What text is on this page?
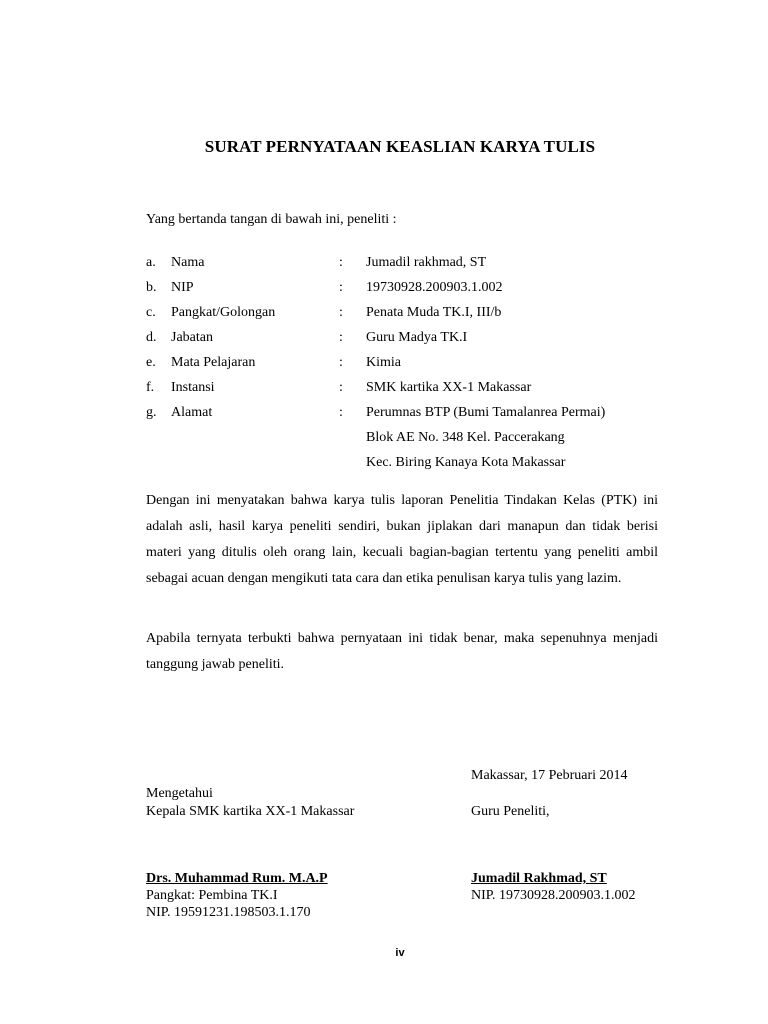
SURAT PERNYATAAN KEASLIAN KARYA TULIS
Yang bertanda tangan di bawah ini, peneliti :
a. Nama	: Jumadil rakhmad, ST
b. NIP	: 19730928.200903.1.002
c. Pangkat/Golongan	: Penata Muda TK.I, III/b
d. Jabatan	: Guru Madya TK.I
e. Mata Pelajaran	: Kimia
f. Instansi	: SMK kartika XX-1 Makassar
g. Alamat	: Perumnas BTP (Bumi Tamalanrea Permai)
Blok AE No. 348 Kel. Paccerakang
Kec. Biring Kanaya Kota Makassar

Dengan ini menyatakan bahwa karya tulis laporan Penelitia Tindakan Kelas (PTK) ini adalah asli, hasil karya peneliti sendiri, bukan jiplakan dari manapun dan tidak berisi materi yang ditulis oleh orang lain, kecuali bagian-bagian tertentu yang peneliti ambil sebagai acuan dengan mengikuti tata cara dan etika penulisan karya tulis yang lazim.

Apabila ternyata terbukti bahwa pernyataan ini tidak benar, maka sepenuhnya menjadi tanggung jawab peneliti.

Makassar, 17 Pebruari 2014
Mengetahui
Kepala SMK kartika XX-1 Makassar	Guru Peneliti,
Drs. Muhammad Rum. M.A.P	Jumadil Rakhmad, ST
Pangkat: Pembina TK.I	NIP. 19730928.200903.1.002
NIP. 19591231.198503.1.170
iv
